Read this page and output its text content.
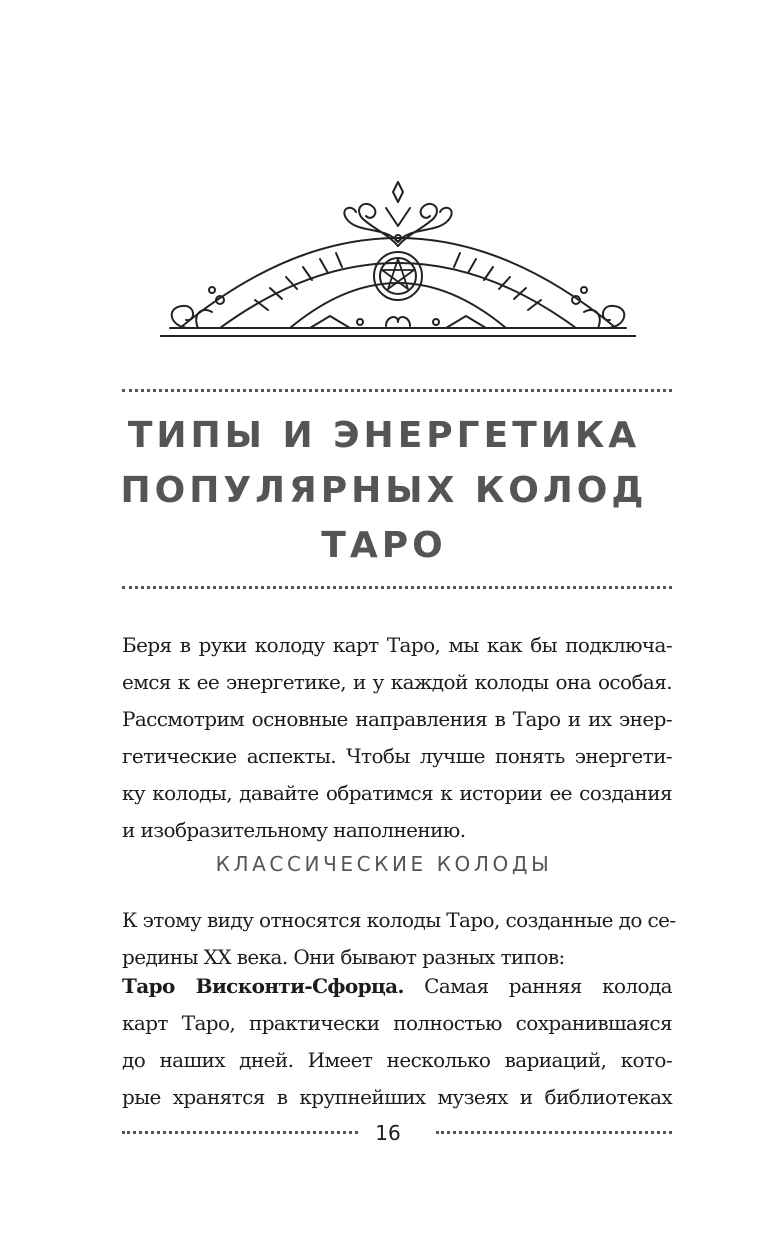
ТИПЫ И ЭНЕРГЕТИКА
ПОПУЛЯРНЫХ КОЛОД
ТАРО

Беря в руки колоду карт Таро, мы как бы подключа-
емся к ее энергетике, и у каждой колоды она особая.
Рассмотрим основные направления в Таро и их энер-
гетические аспекты. Чтобы лучше понять энергети-
ку колоды, давайте обратимся к истории ее создания
и изобразительному наполнению.

КЛАССИЧЕСКИЕ КОЛОДЫ

К этому виду относятся колоды Таро, созданные до се-
редины XX века. Они бывают разных типов:

Таро Висконти-Сфорца. Самая ранняя колода
карт Таро, практически полностью сохранившаяся
до наших дней. Имеет несколько вариаций, кото-
рые хранятся в крупнейших музеях и библиотеках

16
